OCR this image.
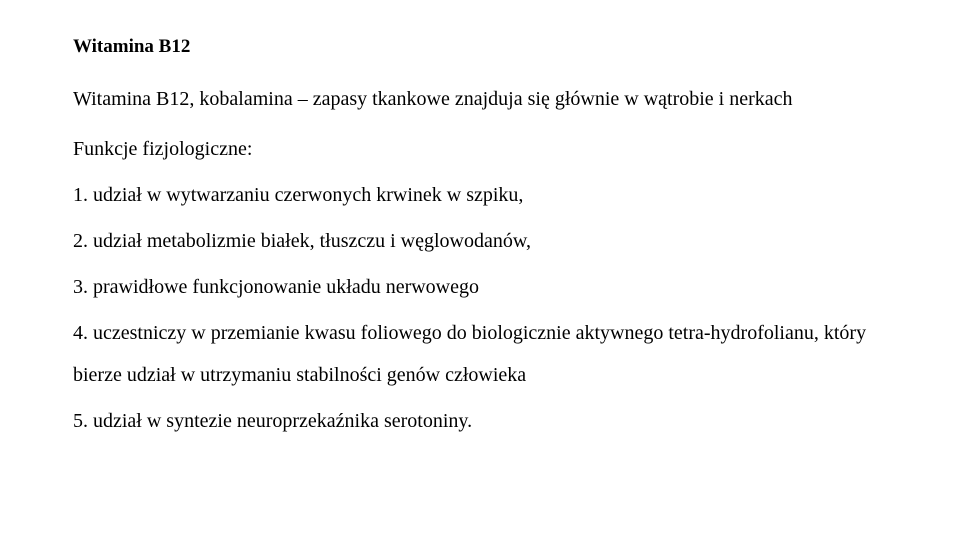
Witamina B12
Witamina B12, kobalamina – zapasy tkankowe znajduja się głównie w wątrobie i nerkach
Funkcje fizjologiczne:
1. udział w wytwarzaniu czerwonych krwinek w szpiku,
2. udział metabolizmie białek, tłuszczu i węglowodanów,
3. prawidłowe funkcjonowanie układu nerwowego
4. uczestniczy w przemianie kwasu foliowego do biologicznie aktywnego tetra-hydrofolianu, który bierze udział w utrzymaniu stabilności genów człowieka
5. udział w syntezie neuroprzekaźnika serotoniny.
